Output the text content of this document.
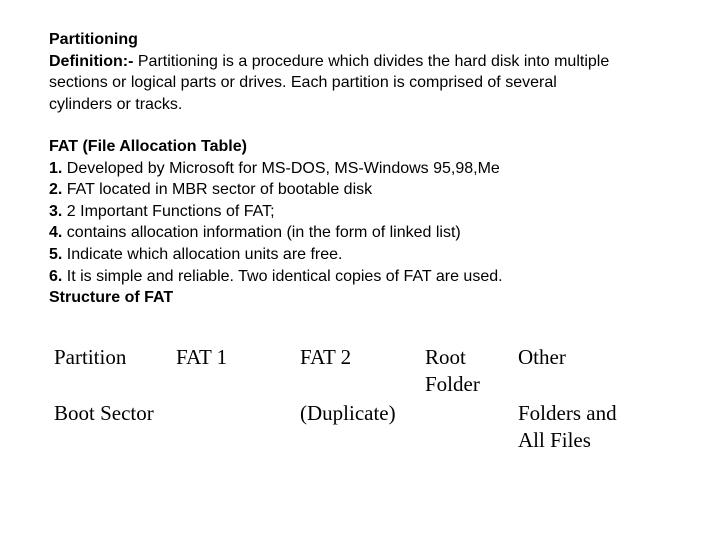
Partitioning
Definition:- Partitioning is a procedure which divides the hard disk into multiple
sections or logical parts or drives. Each partition is comprised of several
cylinders or tracks.
FAT (File Allocation Table)
1. Developed by Microsoft for MS-DOS, MS-Windows 95,98,Me
2. FAT located in MBR sector of bootable disk
3. 2 Important Functions of FAT;
4. contains allocation information (in the form of linked list)
5. Indicate which allocation units are free.
6. It is simple and reliable. Two identical copies of FAT are used.
Structure of FAT
Partition
Boot Sector
FAT 1	FAT 2
(Duplicate)
Root
Folder
Other
Folders and
All Files
